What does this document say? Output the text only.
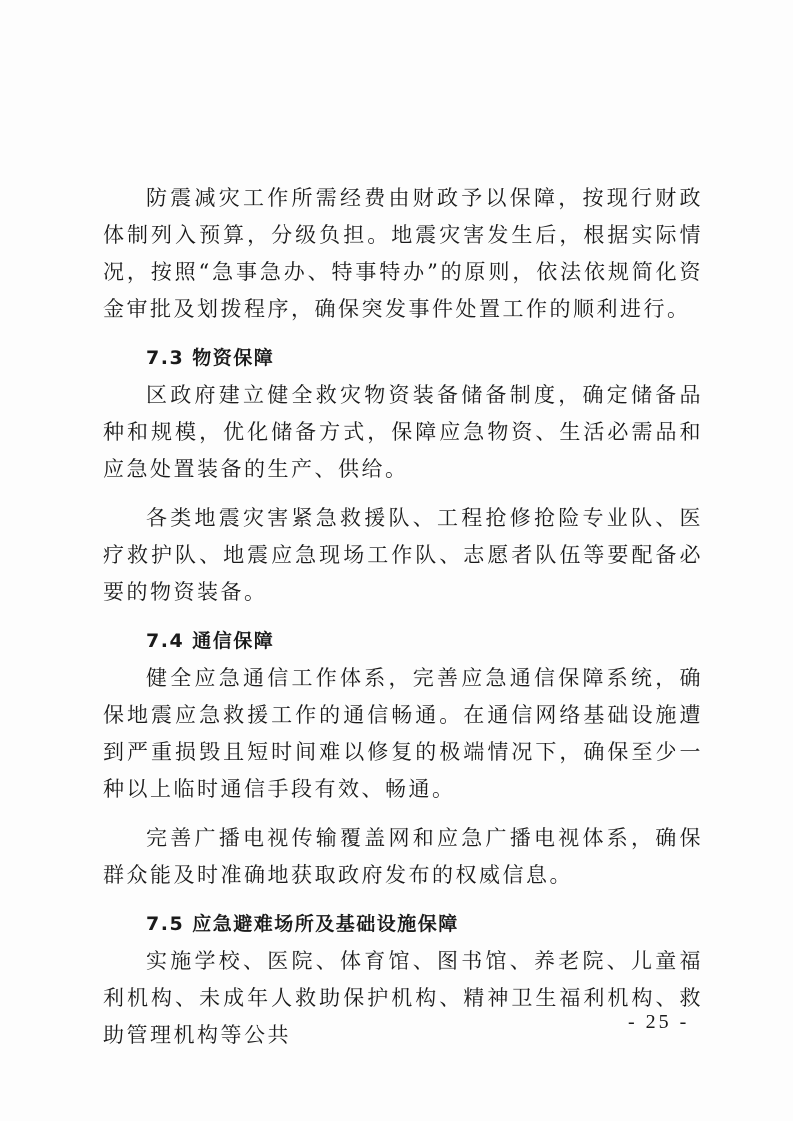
防震减灾工作所需经费由财政予以保障，按现行财政体制列入预算，分级负担。地震灾害发生后，根据实际情况，按照“急事急办、特事特办”的原则，依法依规简化资金审批及划拨程序，确保突发事件处置工作的顺利进行。

7.3 物资保障

区政府建立健全救灾物资装备储备制度，确定储备品种和规模，优化储备方式，保障应急物资、生活必需品和应急处置装备的生产、供给。

各类地震灾害紧急救援队、工程抢修抢险专业队、医疗救护队、地震应急现场工作队、志愿者队伍等要配备必要的物资装备。

7.4 通信保障

健全应急通信工作体系，完善应急通信保障系统，确保地震应急救援工作的通信畅通。在通信网络基础设施遭到严重损毁且短时间难以修复的极端情况下，确保至少一种以上临时通信手段有效、畅通。

完善广播电视传输覆盖网和应急广播电视体系，确保群众能及时准确地获取政府发布的权威信息。

7.5 应急避难场所及基础设施保障

实施学校、医院、体育馆、图书馆、养老院、儿童福利机构、未成年人救助保护机构、精神卫生福利机构、救助管理机构等公共

- 25 -
